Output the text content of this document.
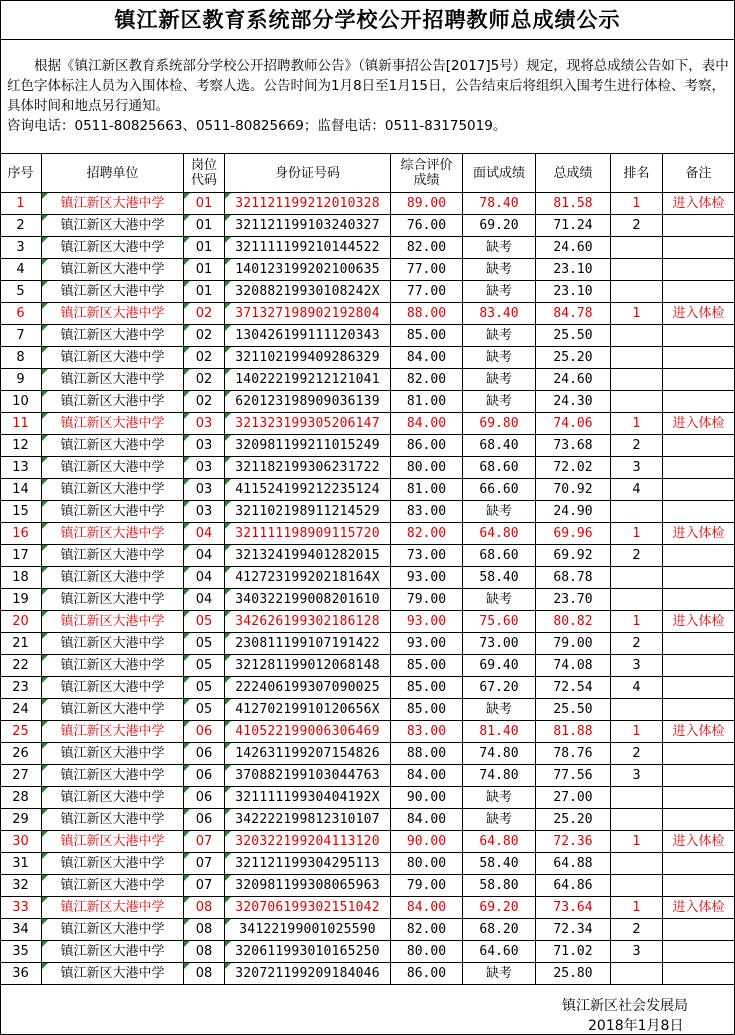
镇江新区教育系统部分学校公开招聘教师总成绩公示

根据《镇江新区教育系统部分学校公开招聘教师公告》（镇新事招公告[2017]5号）规定，现将总成绩公告如下，表中红色字体标注人员为入围体检、考察人选。公告时间为1月8日至1月15日，公告结束后将组织入围考生进行体检、考察，具体时间和地点另行通知。

咨询电话：0511-80825663、0511-80825669；监督电话：0511-83175019。

序号	招聘单位	岗位代码	身份证号码	综合评价成绩	面试成绩	总成绩	排名	备注
1	镇江新区大港中学	01	321121199212010328	89.00	78.40	81.58	1	进入体检
2	镇江新区大港中学	01	321121199103240327	76.00	69.20	71.24	2	
3	镇江新区大港中学	01	321111199210144522	82.00	缺考	24.60		
4	镇江新区大港中学	01	140123199202100635	77.00	缺考	23.10		
5	镇江新区大港中学	01	32088219930108242X	77.00	缺考	23.10		
6	镇江新区大港中学	02	371327198902192804	88.00	83.40	84.78	1	进入体检
7	镇江新区大港中学	02	130426199111120343	85.00	缺考	25.50		
8	镇江新区大港中学	02	321102199409286329	84.00	缺考	25.20		
9	镇江新区大港中学	02	140222199212121041	82.00	缺考	24.60		
10	镇江新区大港中学	02	620123198909036139	81.00	缺考	24.30		
11	镇江新区大港中学	03	321323199305206147	84.00	69.80	74.06	1	进入体检
12	镇江新区大港中学	03	320981199211015249	86.00	68.40	73.68	2	
13	镇江新区大港中学	03	321182199306231722	80.00	68.60	72.02	3	
14	镇江新区大港中学	03	411524199212235124	81.00	66.60	70.92	4	
15	镇江新区大港中学	03	321102198911214529	83.00	缺考	24.90		
16	镇江新区大港中学	04	321111198909115720	82.00	64.80	69.96	1	进入体检
17	镇江新区大港中学	04	321324199401282015	73.00	68.60	69.92	2	
18	镇江新区大港中学	04	41272319920218164X	93.00	58.40	68.78		
19	镇江新区大港中学	04	340322199008201610	79.00	缺考	23.70		
20	镇江新区大港中学	05	342626199302186128	93.00	75.60	80.82	1	进入体检
21	镇江新区大港中学	05	230811199107191422	93.00	73.00	79.00	2	
22	镇江新区大港中学	05	321281199012068148	85.00	69.40	74.08	3	
23	镇江新区大港中学	05	222406199307090025	85.00	67.20	72.54	4	
24	镇江新区大港中学	05	41270219910120656X	85.00	缺考	25.50		
25	镇江新区大港中学	06	410522199006306469	83.00	81.40	81.88	1	进入体检
26	镇江新区大港中学	06	142631199207154826	88.00	74.80	78.76	2	
27	镇江新区大港中学	06	370882199103044763	84.00	74.80	77.56	3	
28	镇江新区大港中学	06	32111119930404192X	90.00	缺考	27.00		
29	镇江新区大港中学	06	342222199812310107	84.00	缺考	25.20		
30	镇江新区大港中学	07	320322199204113120	90.00	64.80	72.36	1	进入体检
31	镇江新区大港中学	07	321121199304295113	80.00	58.40	64.88		
32	镇江新区大港中学	07	320981199308065963	79.00	58.80	64.86		
33	镇江新区大港中学	08	320706199302151042	84.00	69.20	73.64	1	进入体检
34	镇江新区大港中学	08	34122199001025590	82.00	68.20	72.34	2	
35	镇江新区大港中学	08	320611993010165250	80.00	64.60	71.02	3	
36	镇江新区大港中学	08	320721199209184046	86.00	缺考	25.80		
镇江新区社会发展局
2018年1月8日
